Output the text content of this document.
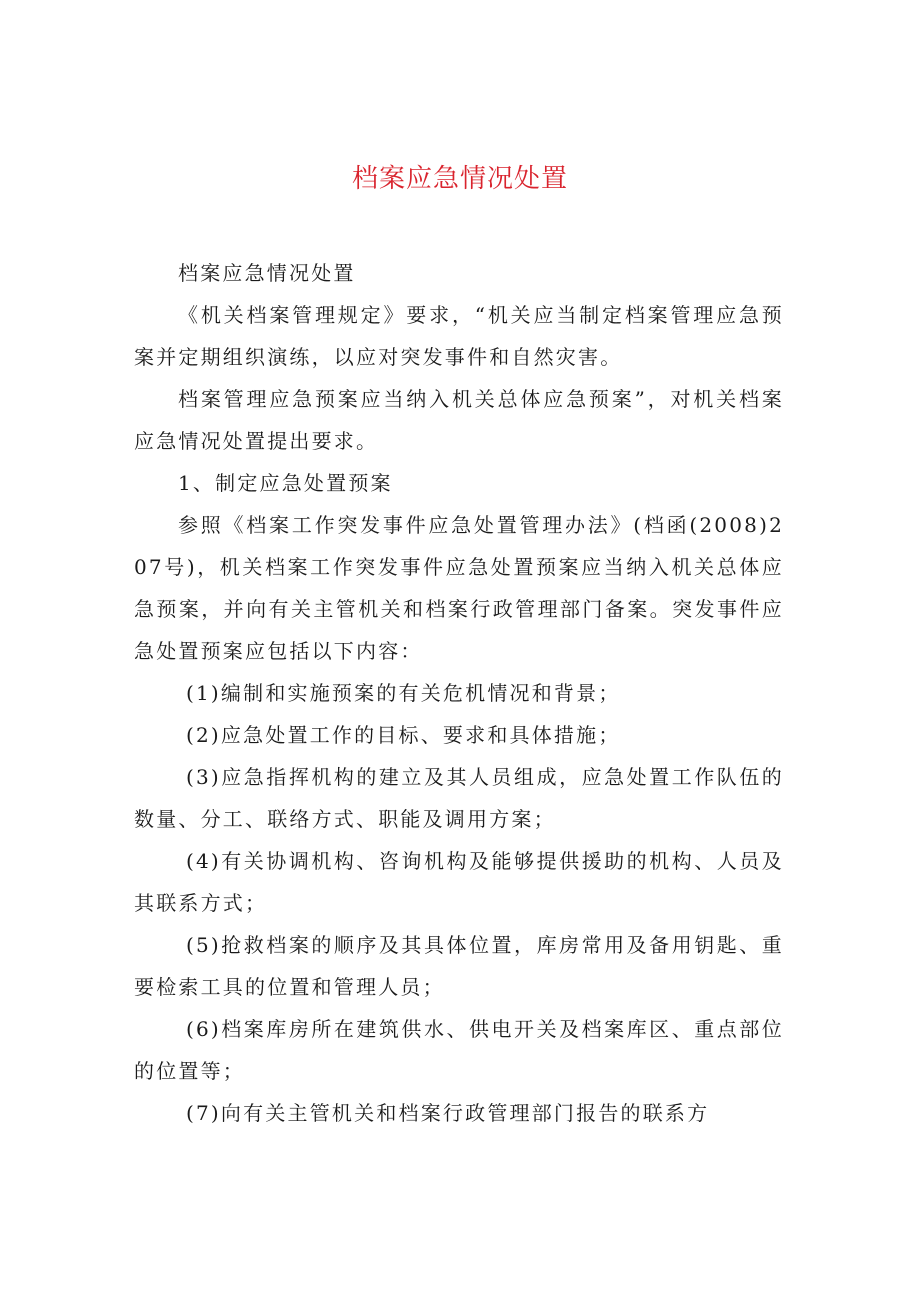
档案应急情况处置

档案应急情况处置

《机关档案管理规定》要求，“机关应当制定档案管理应急预案并定期组织演练，以应对突发事件和自然灾害。

档案管理应急预案应当纳入机关总体应急预案”，对机关档案应急情况处置提出要求。

1、制定应急处置预案

参照《档案工作突发事件应急处置管理办法》(档函(2008)207号)，机关档案工作突发事件应急处置预案应当纳入机关总体应急预案，并向有关主管机关和档案行政管理部门备案。突发事件应急处置预案应包括以下内容：

(1)编制和实施预案的有关危机情况和背景；

(2)应急处置工作的目标、要求和具体措施；

(3)应急指挥机构的建立及其人员组成，应急处置工作队伍的数量、分工、联络方式、职能及调用方案；

(4)有关协调机构、咨询机构及能够提供援助的机构、人员及其联系方式；

(5)抢救档案的顺序及其具体位置，库房常用及备用钥匙、重要检索工具的位置和管理人员；

(6)档案库房所在建筑供水、供电开关及档案库区、重点部位的位置等；

(7)向有关主管机关和档案行政管理部门报告的联系方
